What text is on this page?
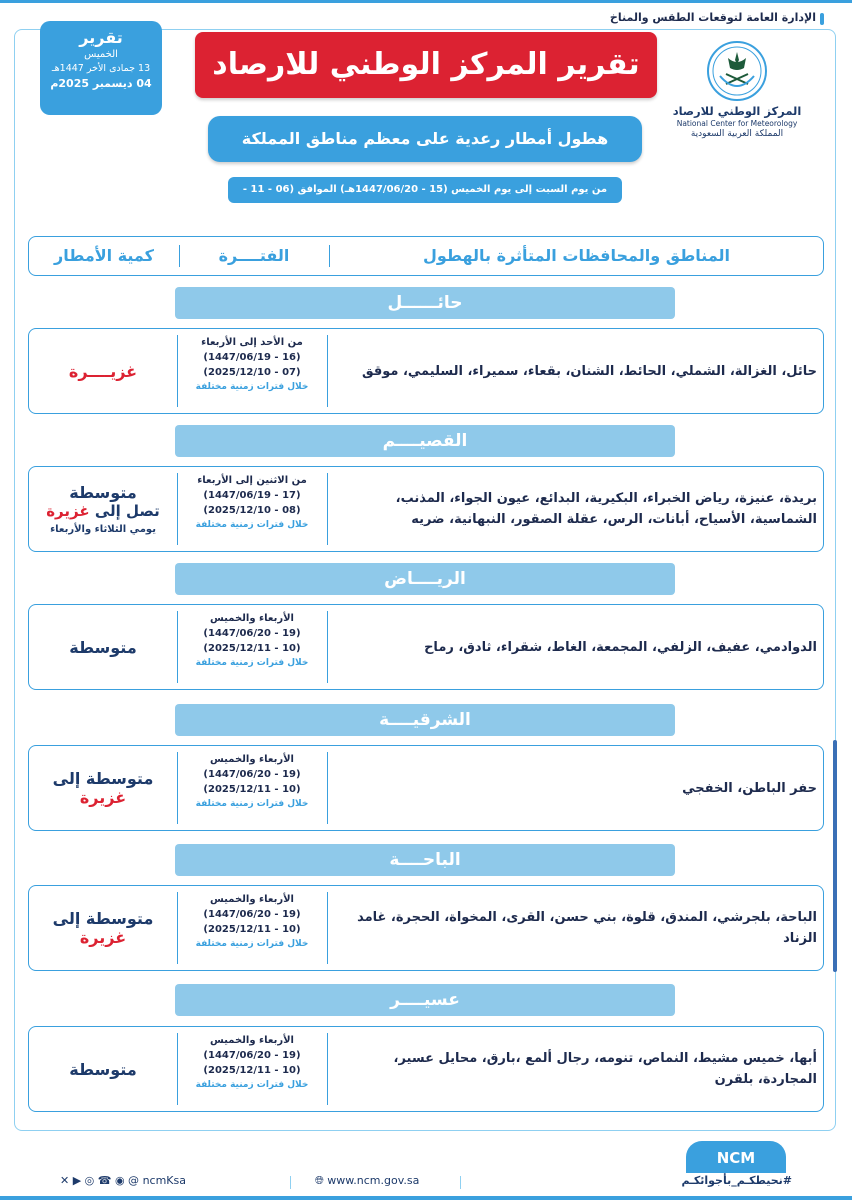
الإدارة العامة لتوقعات الطقس والمناخ
تقرير
الخميس
13 جمادى الأخر 1447هـ
04 ديسمبر 2025م
تقرير المركز الوطني للارصاد
المركز الوطني للارصاد
National Center for Meteorology
المملكة العربية السعودية
هطول أمطار رعدية على معظم مناطق المملكة
من يوم السبت إلى يوم الخميس (15 - 1447/06/20هـ) الموافق (06 - 11 - 2025/12م)
المناطق والمحافظات المتأثرة بالهطول
الفتــــرة
كمية الأمطار
حائــــــل
حائل، الغزالة، الشملي، الحائط، الشنان، بقعاء، سميراء، السليمي، موقق
من الأحد إلى الأربعاء
(16 - 1447/06/19)
(07 - 2025/12/10)
خلال فترات زمنية مختلفة
غزيــــرة
القصيــــم
بريدة، عنيزة، رياض الخبراء، البكيرية، البدائع، عيون الجواء، المذنب، الشماسية، الأسياح، أبانات، الرس، عقلة الصقور، النبهانية، ضريه
من الاثنين إلى الأربعاء
(17 - 1447/06/19)
(08 - 2025/12/10)
خلال فترات زمنية مختلفة
متوسطة
تصل إلى غزيرة
يومي الثلاثاء والأربعاء
الريــــاض
الدوادمي، عفيف، الزلفي، المجمعة، الغاط، شقراء، ثادق، رماح
الأربعاء والخميس
(19 - 1447/06/20)
(10 - 2025/12/11)
خلال فترات زمنية مختلفة
متوسطة
الشرقيــــة
حفر الباطن، الخفجي
الأربعاء والخميس
(19 - 1447/06/20)
(10 - 2025/12/11)
خلال فترات زمنية مختلفة
متوسطة إلى غزيرة
الباحــــة
الباحة، بلجرشي، المندق، قلوة، بني حسن، القرى، المخواة، الحجرة، غامد الزناد
الأربعاء والخميس
(19 - 1447/06/20)
(10 - 2025/12/11)
خلال فترات زمنية مختلفة
متوسطة إلى غزيرة
عسيــــر
أبها، خميس مشيط، النماص، تنومه، رجال ألمع ،بارق، محايل عسير، المجاردة، بلقرن
الأربعاء والخميس
(19 - 1447/06/20)
(10 - 2025/12/11)
خلال فترات زمنية مختلفة
متوسطة
NCM
#نحيطكـم_بأجوائكـم
🌐︎ www.ncm.gov.sa
✕ ▶ ◎ ☎ ◉ @ ncmKsa
